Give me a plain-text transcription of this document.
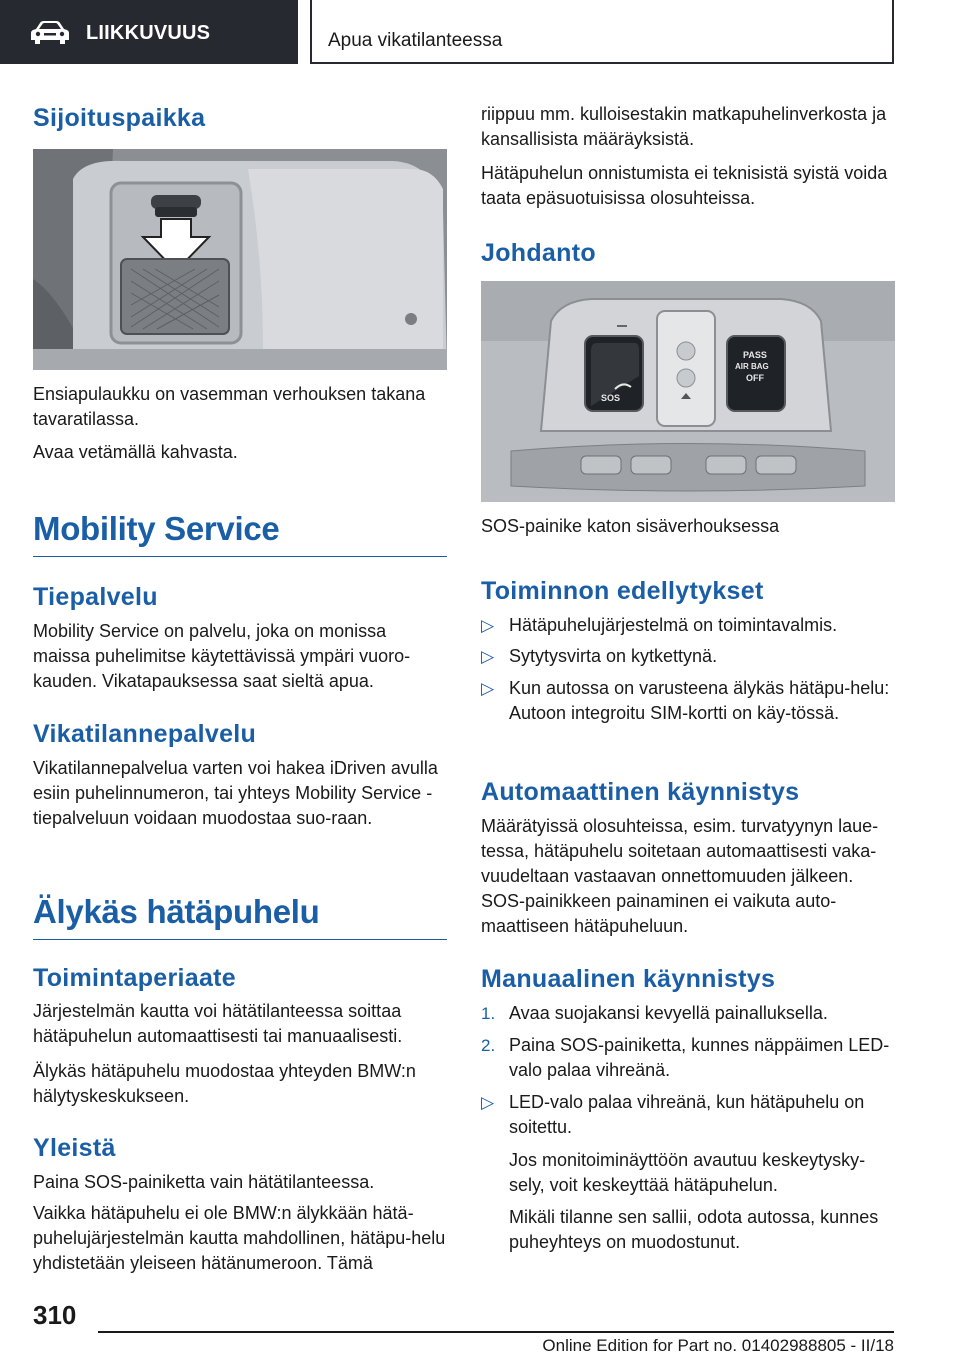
LIIKKUVUUS	Apua vikatilanteessa
Sijoituspaikka

Ensiapulaukku on vasemman verhouksen takana tavaratilassa.

Avaa vetämällä kahvasta.

Mobility Service
Tiepalvelu

Mobility Service on palvelu, joka on monissa maissa puhelimitse käytettävissä ympäri vuoro-kauden. Vikatapauksessa saat sieltä apua.

Vikatilannepalvelu

Vikatilannepalvelua varten voi hakea iDriven avulla esiin puhelinnumeron, tai yhteys Mobility Service -tiepalveluun voidaan muodostaa suo-raan.

Älykäs hätäpuhelu
Toimintaperiaate

Järjestelmän kautta voi hätätilanteessa soittaa hätäpuhelun automaattisesti tai manuaalisesti.

Älykäs hätäpuhelu muodostaa yhteyden BMW:n hälytyskeskukseen.

Yleistä

Paina SOS-painiketta vain hätätilanteessa.

Vaikka hätäpuhelu ei ole BMW:n älykkään hätä-puhelujärjestelmän kautta mahdollinen, hätäpu-helu yhdistetään yleiseen hätänumeroon. Tämä

riippuu mm. kulloisestakin matkapuhelinverkosta ja kansallisista määräyksistä.

Hätäpuhelun onnistumista ei teknisistä syistä voida taata epäsuotuisissa olosuhteissa.

Johdanto
SOS
PASS
AIR BAG
OFF

SOS-painike katon sisäverhouksessa

Toiminnon edellytykset
▷ Hätäpuhelujärjestelmä on toimintavalmis.
▷ Sytytysvirta on kytkettynä.
▷ Kun autossa on varusteena älykäs hätäpu-helu: Autoon integroitu SIM-kortti on käy-tössä.
Automaattinen käynnistys

Määrätyissä olosuhteissa, esim. turvatyynyn laue-tessa, hätäpuhelu soitetaan automaattisesti vaka-vuudeltaan vastaavan onnettomuuden jälkeen. SOS-painikkeen painaminen ei vaikuta auto-maattiseen hätäpuheluun.

Manuaalinen käynnistys
1. Avaa suojakansi kevyellä painalluksella.
2. Paina SOS-painiketta, kunnes näppäimen LED-valo palaa vihreänä.
▷ LED-valo palaa vihreänä, kun hätäpuhelu on soitettu.
Jos monitoiminäyttöön avautuu keskeytysky-sely, voit keskeyttää hätäpuhelun.
Mikäli tilanne sen sallii, odota autossa, kunnes puheyhteys on muodostunut.
310
Online Edition for Part no. 01402988805 - II/18
